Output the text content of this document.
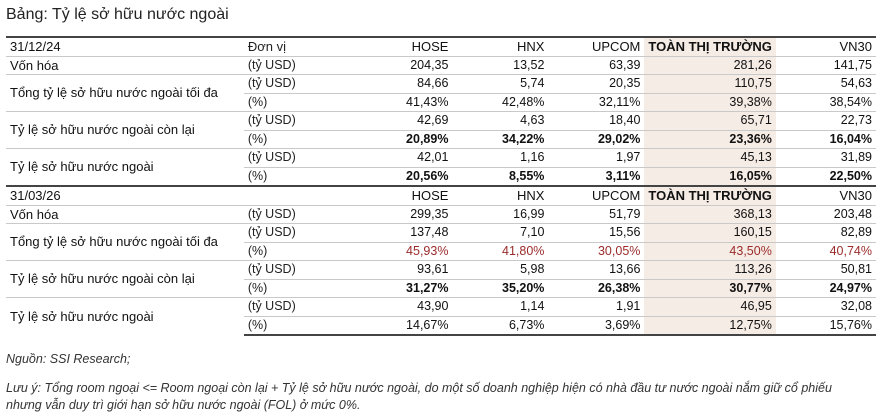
Bảng: Tỷ lệ sở hữu nước ngoài
31/12/24	Đơn vị	HOSE	HNX	UPCOM	TOÀN THỊ TRƯỜNG	VN30
Vốn hóa	(tỷ USD)	204,35	13,52	63,39	281,26	141,75
Tổng tỷ lệ sở hữu nước ngoài tối đa	(tỷ USD)	84,66	5,74	20,35	110,75	54,63
	(%)	41,43%	42,48%	32,11%	39,38%	38,54%
Tỷ lệ sở hữu nước ngoài còn lại	(tỷ USD)	42,69	4,63	18,40	65,71	22,73
	(%)	20,89%	34,22%	29,02%	23,36%	16,04%
Tỷ lệ sở hữu nước ngoài	(tỷ USD)	42,01	1,16	1,97	45,13	31,89
	(%)	20,56%	8,55%	3,11%	16,05%	22,50%
31/03/26		HOSE	HNX	UPCOM	TOÀN THỊ TRƯỜNG	VN30
Vốn hóa	(tỷ USD)	299,35	16,99	51,79	368,13	203,48
Tổng tỷ lệ sở hữu nước ngoài tối đa	(tỷ USD)	137,48	7,10	15,56	160,15	82,89
	(%)	45,93%	41,80%	30,05%	43,50%	40,74%
Tỷ lệ sở hữu nước ngoài còn lại	(tỷ USD)	93,61	5,98	13,66	113,26	50,81
	(%)	31,27%	35,20%	26,38%	30,77%	24,97%
Tỷ lệ sở hữu nước ngoài	(tỷ USD)	43,90	1,14	1,91	46,95	32,08
	(%)	14,67%	6,73%	3,69%	12,75%	15,76%
Nguồn: SSI Research;
Lưu ý: Tổng room ngoại <= Room ngoại còn lại + Tỷ lệ sở hữu nước ngoài, do một số doanh nghiệp hiện có nhà đầu tư nước ngoài nắm giữ cổ phiếu
nhưng vẫn duy trì giới hạn sở hữu nước ngoài (FOL) ở mức 0%.
